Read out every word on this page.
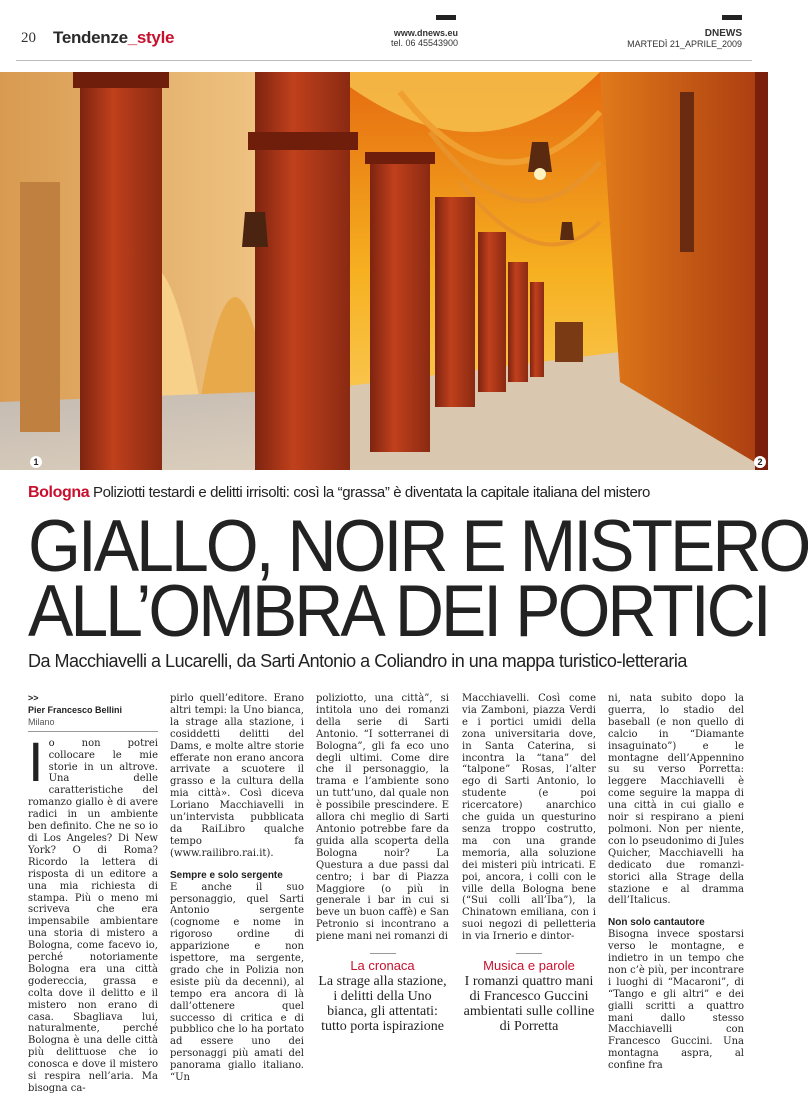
20 Tendenze_style	www.dnews.eu
tel. 06 45543900
DNEWS
MARTEDÌ 21_APRILE_2009
1	2
Bologna Poliziotti testardi e delitti irrisolti: così la “grassa” è diventata la capitale italiana del mistero
GIALLO, NOIR E MISTERO
ALL’OMBRA DEI PORTICI
Da Macchiavelli a Lucarelli, da Sarti Antonio a Coliandro in una mappa turistico-letteraria
>>
Pier Francesco Bellini
Milano
I o non potrei collocare le mie storie in un altrove. Una delle caratteristiche del romanzo giallo è di avere radici in un ambiente ben definito. Che ne so io di Los Angeles? Di New York? O di Roma? Ricordo la lettera di risposta di un editore a una mia richiesta di stampa. Più o meno mi scriveva che era impensabile ambientare una storia di mistero a Bologna, come facevo io, perché notoriamente Bologna era una città godereccia, grassa e colta dove il delitto e il mistero non erano di casa. Sbagliava lui, naturalmente, perché Bologna è una delle città più delittuose che io conosca e dove il mistero si respira nell’aria. Ma bisogna ca-

pirlo quell’editore. Erano altri tempi: la Uno bianca, la strage alla stazione, i cosiddetti delitti del Dams, e molte altre storie efferate non erano ancora arrivate a scuotere il grasso e la cultura della mia città». Così diceva Loriano Macchiavelli in un’intervista pubblicata da RaiLibro qualche tempo fa (www.railibro.rai.it).

Sempre e solo sergente

E anche il suo personaggio, quel Sarti Antonio sergente (cognome e nome in rigoroso ordine di apparizione e non ispettore, ma sergente, grado che in Polizia non esiste più da decenni), al tempo era ancora di là dall’ottenere quel successo di critica e di pubblico che lo ha portato ad essere uno dei personaggi più amati del panorama giallo italiano. “Un

poliziotto, una città”, si intitola uno dei romanzi della serie di Sarti Antonio. “I sotterranei di Bologna”, gli fa eco uno degli ultimi. Come dire che il personaggio, la trama e l’ambiente sono un tutt’uno, dal quale non è possibile prescindere. E allora chi meglio di Sarti Antonio potrebbe fare da guida alla scoperta della Bologna noir? La Questura a due passi dal centro; i bar di Piazza Maggiore (o più in generale i bar in cui si beve un buon caffè) e San Petronio si incontrano a piene mani nei romanzi di

La cronaca
La strage alla stazione, i delitti della Uno bianca, gli attentati: tutto porta ispirazione

Macchiavelli. Così come via Zamboni, piazza Verdi e i portici umidi della zona universitaria dove, in Santa Caterina, si incontra la “tana” del “talpone” Rosas, l’alter ego di Sarti Antonio, lo studente (e poi ricercatore) anarchico che guida un questurino senza troppo costrutto, ma con una grande memoria, alla soluzione dei misteri più intricati. E poi, ancora, i colli con le ville della Bologna bene (“Sui colli all’Iba”), la Chinatown emiliana, con i suoi negozi di pelletteria in via Irnerio e dintor-

Musica e parole
I romanzi quattro mani di Francesco Guccini ambientati sulle colline di Porretta

ni, nata subito dopo la guerra, lo stadio del baseball (e non quello di calcio in “Diamante insaguinato”) e le montagne dell’Appennino su su verso Porretta: leggere Macchiavelli è come seguire la mappa di una città in cui giallo e noir si respirano a pieni polmoni. Non per niente, con lo pseudonimo di Jules Quicher, Macchiavelli ha dedicato due romanzi-storici alla Strage della stazione e al dramma dell’Italicus.

Non solo cantautore

Bisogna invece spostarsi verso le montagne, e indietro in un tempo che non c’è più, per incontrare i luoghi di “Macaroni”, di “Tango e gli altri” e dei gialli scritti a quattro mani dallo stesso Macchiavelli con Francesco Guccini. Una montagna aspra, al confine fra
